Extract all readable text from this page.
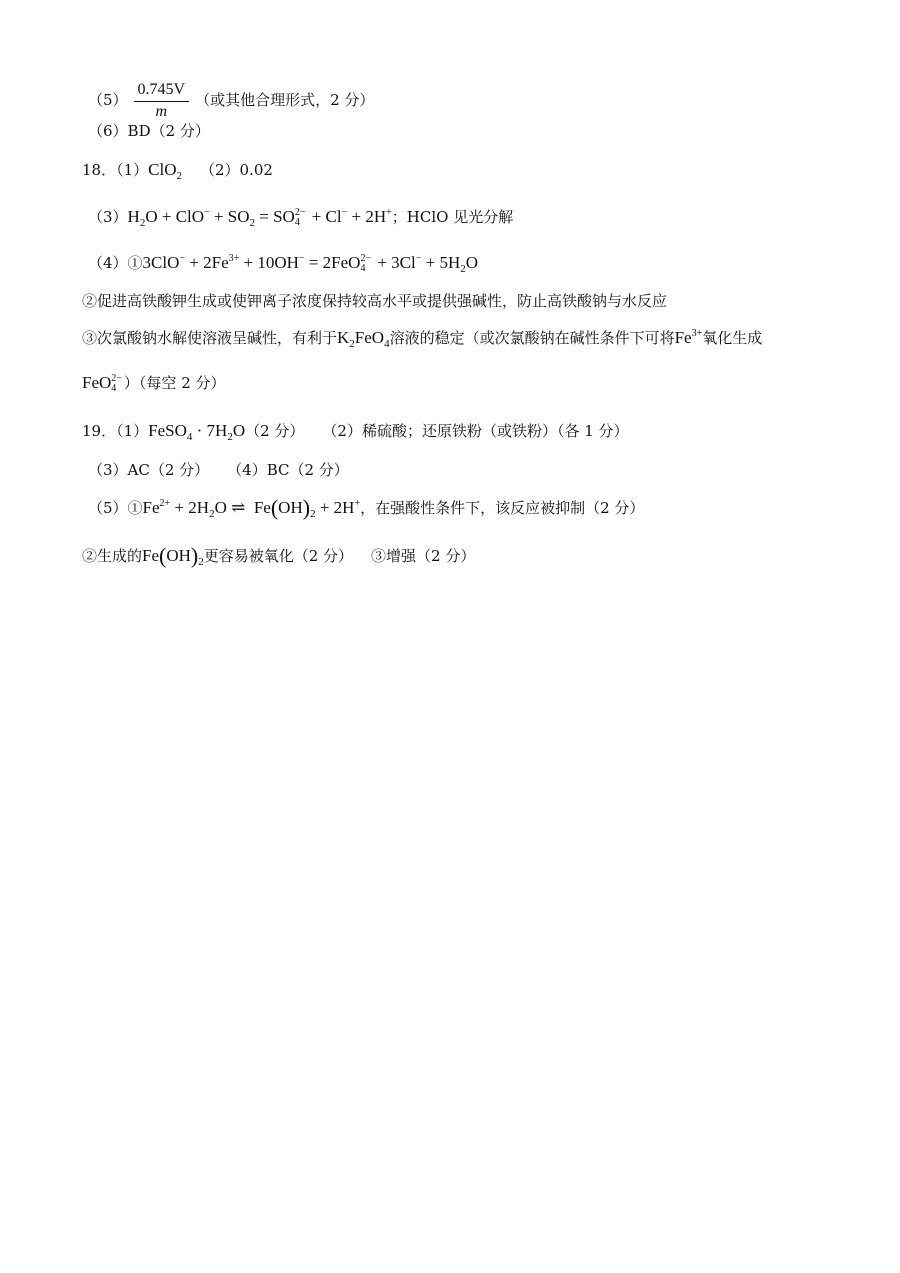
$(5) \frac{0.745V}{m}$ （或其他合理形式，2 分）
（6）BD（2 分）
18．（1）ClO$_2$ （2）0.02
$(3)H_2O + ClO^- + SO_2$ = SO 2−
4 + Cl− + 2H+；HClO 见光分解
（4）①3ClO− + $2Fe^{3+} + 10OH^- = 2FeO$ 2−
$4 + 3Cl^- + 5H_2O$
②促进高铁酸钾生成或使钾离子浓度保持较高水平或提供强碱性，防止高铁酸钠与水反应
③次氯酸钠水解使溶液呈碱性，有利于$K_2FeO_4$溶液的稳定（或次氯酸钠在碱性条件下可将$Fe^{3+}$氧化生成
FeO 2−
4 ）（每空 2 分）
19．（1）FeSO$_4$ · $7H_2O(2$ 分） （2）稀硫酸；还原铁粉（或铁粉）（各 1 分）
（3）AC（2 分） （4）BC（2 分）
$(5)①Fe^{2+} + 2H_2O$ ⇌  $Fe(OH)_2 + 2H^+$，在强酸性条件下，该反应被抑制（2 分）
②生成的$Fe(OH)_2$更容易被氧化（2 分） ③增强（2 分）
